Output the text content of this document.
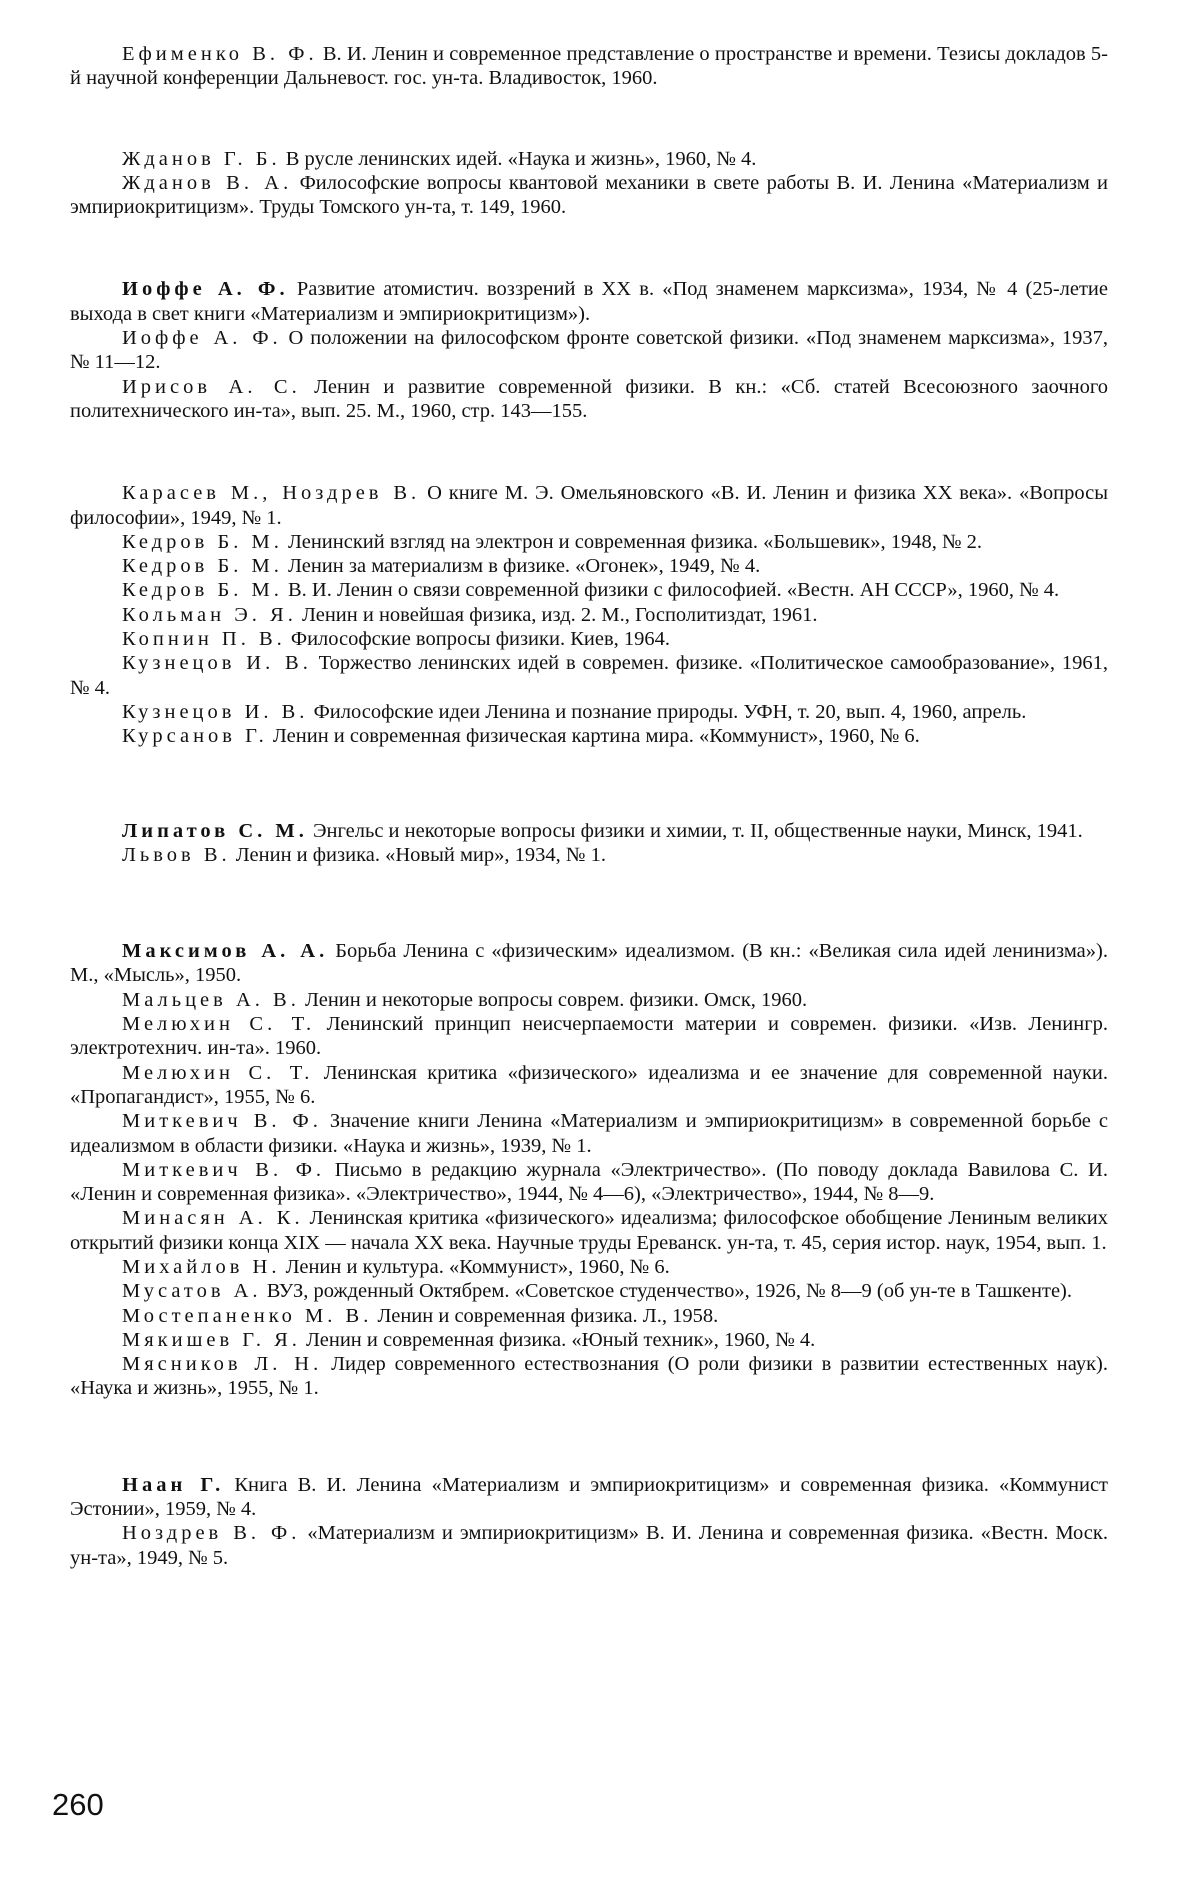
Ефименко В. Ф. В. И. Ленин и современное представление о пространстве и времени. Тезисы докладов 5-й научной конференции Дальневост. гос. ун-та. Владивосток, 1960.

Жданов Г. Б. В русле ленинских идей. «Наука и жизнь», 1960, № 4.

Жданов В. А. Философские вопросы квантовой механики в свете работы В. И. Ленина «Материализм и эмпириокритицизм». Труды Томского ун-та, т. 149, 1960.

Иоффе А. Ф. Развитие атомистич. воззрений в XX в. «Под знаменем марксизма», 1934, № 4 (25-летие выхода в свет книги «Материализм и эмпириокритицизм»).

Иоффе А. Ф. О положении на философском фронте советской физики. «Под знаменем марксизма», 1937, № 11—12.

Ирисов А. С. Ленин и развитие современной физики. В кн.: «Сб. статей Всесоюзного заочного политехнического ин-та», вып. 25. М., 1960, стр. 143—155.

Карасев М., Ноздрев В. О книге М. Э. Омельяновского «В. И. Ленин и физика XX века». «Вопросы философии», 1949, № 1.

Кедров Б. М. Ленинский взгляд на электрон и современная физика. «Большевик», 1948, № 2.

Кедров Б. М. Ленин за материализм в физике. «Огонек», 1949, № 4.

Кедров Б. М. В. И. Ленин о связи современной физики с философией. «Вестн. АН СССР», 1960, № 4.

Кольман Э. Я. Ленин и новейшая физика, изд. 2. М., Госполитиздат, 1961.

Копнин П. В. Философские вопросы физики. Киев, 1964.

Кузнецов И. В. Торжество ленинских идей в современ. физике. «Политическое самообразование», 1961, № 4.

Кузнецов И. В. Философские идеи Ленина и познание природы. УФН, т. 20, вып. 4, 1960, апрель.

Курсанов Г. Ленин и современная физическая картина мира. «Коммунист», 1960, № 6.

Липатов С. М. Энгельс и некоторые вопросы физики и химии, т. II, общественные науки, Минск, 1941.

Львов В. Ленин и физика. «Новый мир», 1934, № 1.

Максимов А. А. Борьба Ленина с «физическим» идеализмом. (В кн.: «Великая сила идей ленинизма»). М., «Мысль», 1950.

Мальцев А. В. Ленин и некоторые вопросы соврем. физики. Омск, 1960.

Мелюхин С. Т. Ленинский принцип неисчерпаемости материи и современ. физики. «Изв. Ленингр. электротехнич. ин-та». 1960.

Мелюхин С. Т. Ленинская критика «физического» идеализма и ее значение для современной науки. «Пропагандист», 1955, № 6.

Миткевич В. Ф. Значение книги Ленина «Материализм и эмпириокритицизм» в современной борьбе с идеализмом в области физики. «Наука и жизнь», 1939, № 1.

Миткевич В. Ф. Письмо в редакцию журнала «Электричество». (По поводу доклада Вавилова С. И. «Ленин и современная физика». «Электричество», 1944, № 4—6), «Электричество», 1944, № 8—9.

Минасян А. К. Ленинская критика «физического» идеализма; философское обобщение Лениным великих открытий физики конца XIX — начала XX века. Научные труды Ереванск. ун-та, т. 45, серия истор. наук, 1954, вып. 1.

Михайлов Н. Ленин и культура. «Коммунист», 1960, № 6.

Мусатов А. ВУЗ, рожденный Октябрем. «Советское студенчество», 1926, № 8—9 (об ун-те в Ташкенте).

Мостепаненко М. В. Ленин и современная физика. Л., 1958.

Мякишев Г. Я. Ленин и современная физика. «Юный техник», 1960, № 4.

Мясников Л. Н. Лидер современного естествознания (О роли физики в развитии естественных наук). «Наука и жизнь», 1955, № 1.

Наан Г. Книга В. И. Ленина «Материализм и эмпириокритицизм» и современная физика. «Коммунист Эстонии», 1959, № 4.

Ноздрев В. Ф. «Материализм и эмпириокритицизм» В. И. Ленина и современная физика. «Вестн. Моск. ун-та», 1949, № 5.

260
